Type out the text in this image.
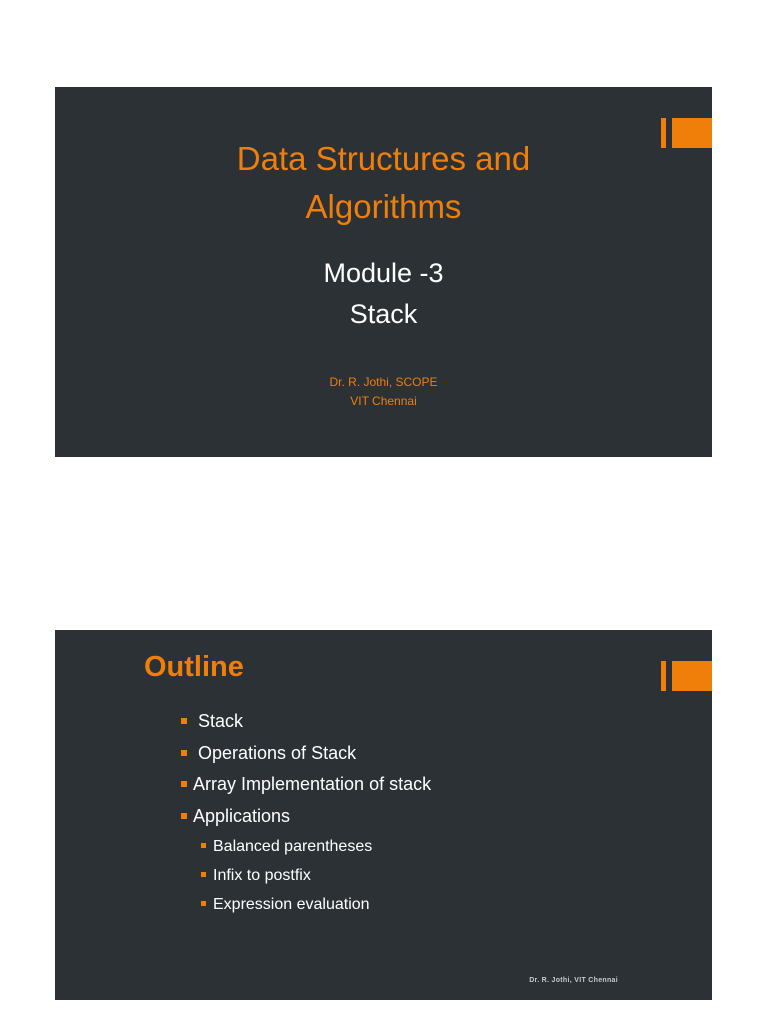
Data Structures and
Algorithms
Module -3
Stack
Dr. R. Jothi, SCOPE
VIT Chennai
Outline
Stack
Operations of Stack
Array Implementation of stack
Applications
Balanced parentheses
Infix to postfix
Expression evaluation
Dr. R. Jothi, VIT Chennai
